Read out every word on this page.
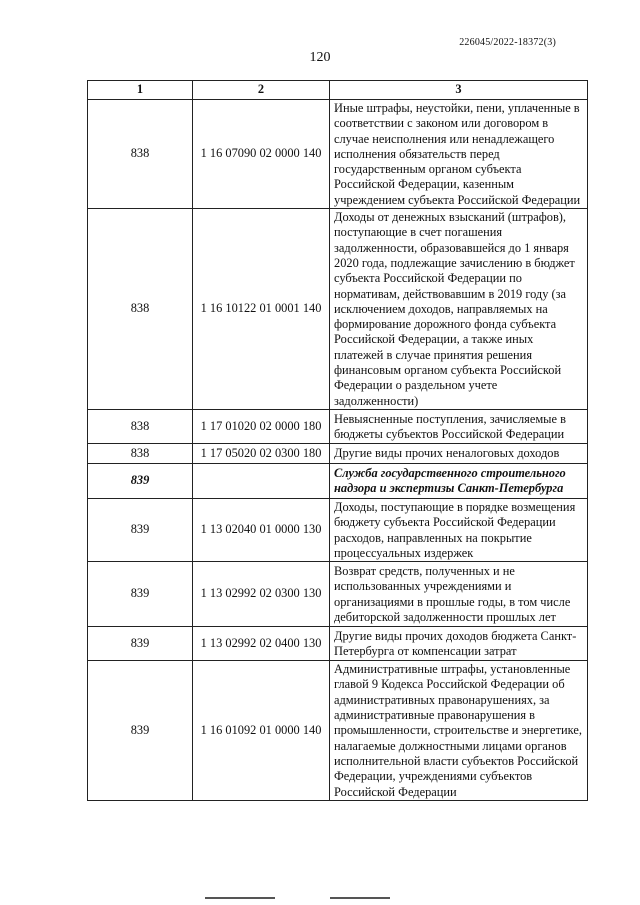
226045/2022-18372(3)
120
1	2	3
838	1 16 07090 02 0000 140	Иные штрафы, неустойки, пени, уплаченные в соответствии с законом или договором в случае неисполнения или ненадлежащего исполнения обязательств перед государственным органом субъекта Российской Федерации, казенным учреждением субъекта Российской Федерации
838	1 16 10122 01 0001 140	Доходы от денежных взысканий (штрафов), поступающие в счет погашения задолженности, образовавшейся до 1 января 2020 года, подлежащие зачислению в бюджет субъекта Российской Федерации по нормативам, действовавшим в 2019 году (за исключением доходов, направляемых на формирование дорожного фонда субъекта Российской Федерации, а также иных платежей в случае принятия решения финансовым органом субъекта Российской Федерации о раздельном учете задолженности)
838	1 17 01020 02 0000 180	Невыясненные поступления, зачисляемые в бюджеты субъектов Российской Федерации
838	1 17 05020 02 0300 180	Другие виды прочих неналоговых доходов
839		Служба государственного строительного надзора и экспертизы Санкт-Петербурга
839	1 13 02040 01 0000 130	Доходы, поступающие в порядке возмещения бюджету субъекта Российской Федерации расходов, направленных на покрытие процессуальных издержек
839	1 13 02992 02 0300 130	Возврат средств, полученных и не использованных учреждениями и организациями в прошлые годы, в том числе дебиторской задолженности прошлых лет
839	1 13 02992 02 0400 130	Другие виды прочих доходов бюджета Санкт-Петербурга от компенсации затрат
839	1 16 01092 01 0000 140	Административные штрафы, установленные главой 9 Кодекса Российской Федерации об административных правонарушениях, за административные правонарушения в промышленности, строительстве и энергетике, налагаемые должностными лицами органов исполнительной власти субъектов Российской Федерации, учреждениями субъектов Российской Федерации
